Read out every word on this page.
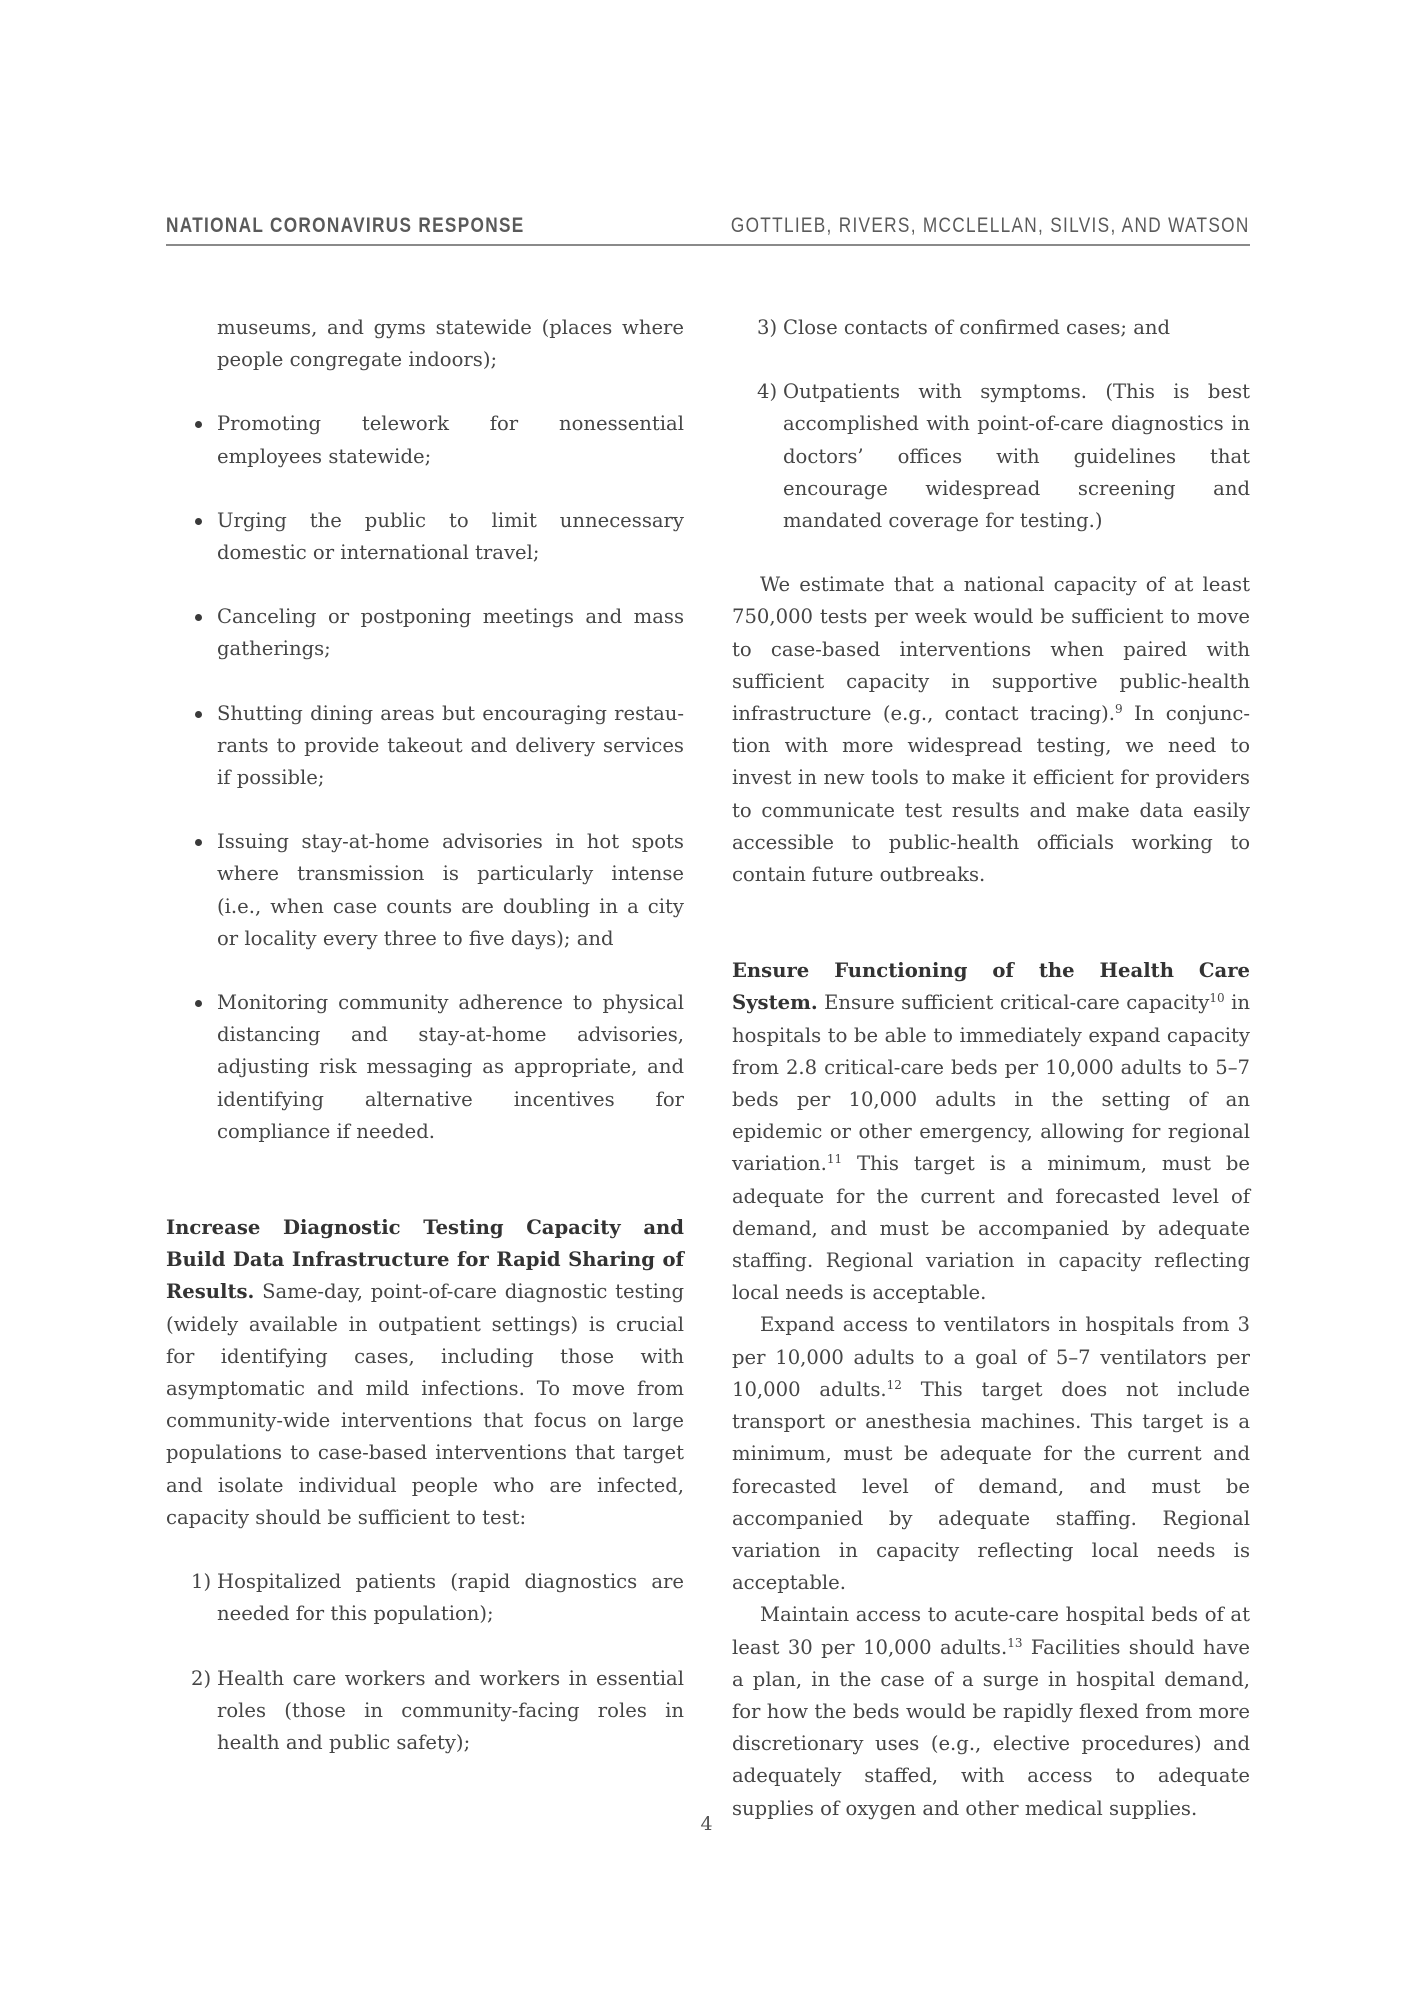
NATIONAL CORONAVIRUS RESPONSE	GOTTLIEB, RIVERS, MCCLELLAN, SILVIS, AND WATSON

museums, and gyms statewide (places where people congregate indoors);

Promoting telework for nonessential employees statewide;
Urging the public to limit unnecessary domestic or international travel;
Canceling or postponing meetings and mass gatherings;
Shutting dining areas but encouraging restaurants to provide takeout and delivery services if possible;
Issuing stay-at-home advisories in hot spots where transmission is particularly intense (i.e., when case counts are doubling in a city or locality every three to five days); and
Monitoring community adherence to physical distancing and stay-at-home advisories, adjusting risk messaging as appropriate, and identifying alternative incentives for compliance if needed.

Increase Diagnostic Testing Capacity and Build Data Infrastructure for Rapid Sharing of Results. Same-day, point-of-care diagnostic testing (widely available in outpatient settings) is crucial for identifying cases, including those with asymptomatic and mild infections. To move from community-wide interventions that focus on large populations to case-based interventions that target and isolate individual people who are infected, capacity should be sufficient to test:

1) Hospitalized patients (rapid diagnostics are needed for this population);
2) Health care workers and workers in essential roles (those in community-facing roles in health and public safety);
3) Close contacts of confirmed cases; and
4) Outpatients with symptoms. (This is best accomplished with point-of-care diagnostics in doctors’ offices with guidelines that encourage widespread screening and mandated coverage for testing.)

We estimate that a national capacity of at least 750,000 tests per week would be sufficient to move to case-based interventions when paired with sufficient capacity in supportive public-health infrastructure (e.g., contact tracing).$^9$ In conjunction with more widespread testing, we need to invest in new tools to make it efficient for providers to communicate test results and make data easily accessible to public-health officials working to contain future outbreaks.

Ensure Functioning of the Health Care System. Ensure sufficient critical-care capacity$^{10}$ in hospitals to be able to immediately expand capacity from 2.8 critical-care beds per 10,000 adults to 5–7 beds per 10,000 adults in the setting of an epidemic or other emergency, allowing for regional variation.$^{11}$ This target is a minimum, must be adequate for the current and forecasted level of demand, and must be accompanied by adequate staffing. Regional variation in capacity reflecting local needs is acceptable.

Expand access to ventilators in hospitals from 3 per 10,000 adults to a goal of 5–7 ventilators per 10,000 adults.$^{12}$ This target does not include transport or anesthesia machines. This target is a minimum, must be adequate for the current and forecasted level of demand, and must be accompanied by adequate staffing. Regional variation in capacity reflecting local needs is acceptable.

Maintain access to acute-care hospital beds of at least 30 per 10,000 adults.$^{13}$ Facilities should have a plan, in the case of a surge in hospital demand, for how the beds would be rapidly flexed from more discretionary uses (e.g., elective procedures) and adequately staffed, with access to adequate supplies of oxygen and other medical supplies.

4
